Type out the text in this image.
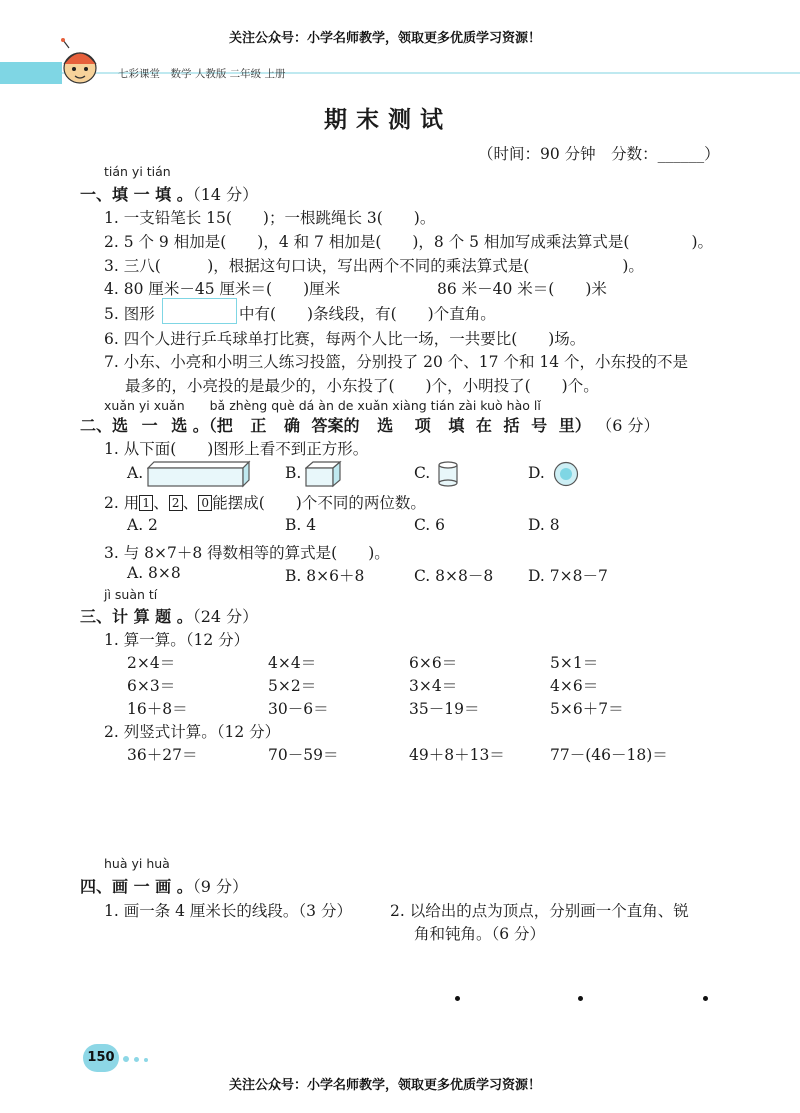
关注公众号：小学名师教学，领取更多优质学习资源！
七彩课堂　数学 人教版 二年级 上册
期末测试
（时间：90 分钟　分数：______）
tián yi tián
一、填 一 填 。（14 分）
1. 一支铅笔长 15(　　)；一根跳绳长 3(　　)。
2. 5 个 9 相加是(　　)，4 和 7 相加是(　　)，8 个 5 相加写成乘法算式是(　　　　)。
3. 三八(　　　)，根据这句口诀，写出两个不同的乘法算式是(　　　　　　)。
4. 80 厘米－45 厘米＝(　　)厘米	86 米－40 米＝(　　)米
5. 图形	中有(　　)条线段，有(　　)个直角。
6. 四个人进行乒乓球单打比赛，每两个人比一场，一共要比(　　)场。
7. 小东、小亮和小明三人练习投篮，分别投了 20 个、17 个和 14 个，小东投的不是
最多的，小亮投的是最少的，小东投了(　　)个，小明投了(　　)个。
xuǎn yi xuǎn　　bǎ zhèng què dá àn de xuǎn xiàng tián zài kuò hào lǐ
二、选 一 选 。（把 正 确 答案的 选 项 填 在 括 号 里） （6 分）
1. 从下面(　　)图形上看不到正方形。
A.	B.	C.	D.
2. 用 1 、 2 、 0 能摆成(　　)个不同的两位数。
A. 2	B. 4	C. 6	D. 8
3. 与 8×7＋8 得数相等的算式是(　　)。
A. 8×8	B. 8×6＋8	C. 8×8－8 D. 7×8－7
jì suàn tí
三、计 算 题 。（24 分）
1. 算一算。（12 分）
2×4＝	4×4＝	6×6＝	5×1＝
6×3＝	5×2＝	3×4＝	4×6＝
16＋8＝	30－6＝	35－19＝	5×6＋7＝
2. 列竖式计算。（12 分）
36＋27＝	70－59＝	49＋8＋13＝	77－(46－18)＝
huà yi huà
四、画 一 画 。（9 分）
1. 画一条 4 厘米长的线段。（3 分） 2. 以给出的点为顶点，分别画一个直角、锐
角和钝角。（6 分）
150
关注公众号：小学名师教学，领取更多优质学习资源！
